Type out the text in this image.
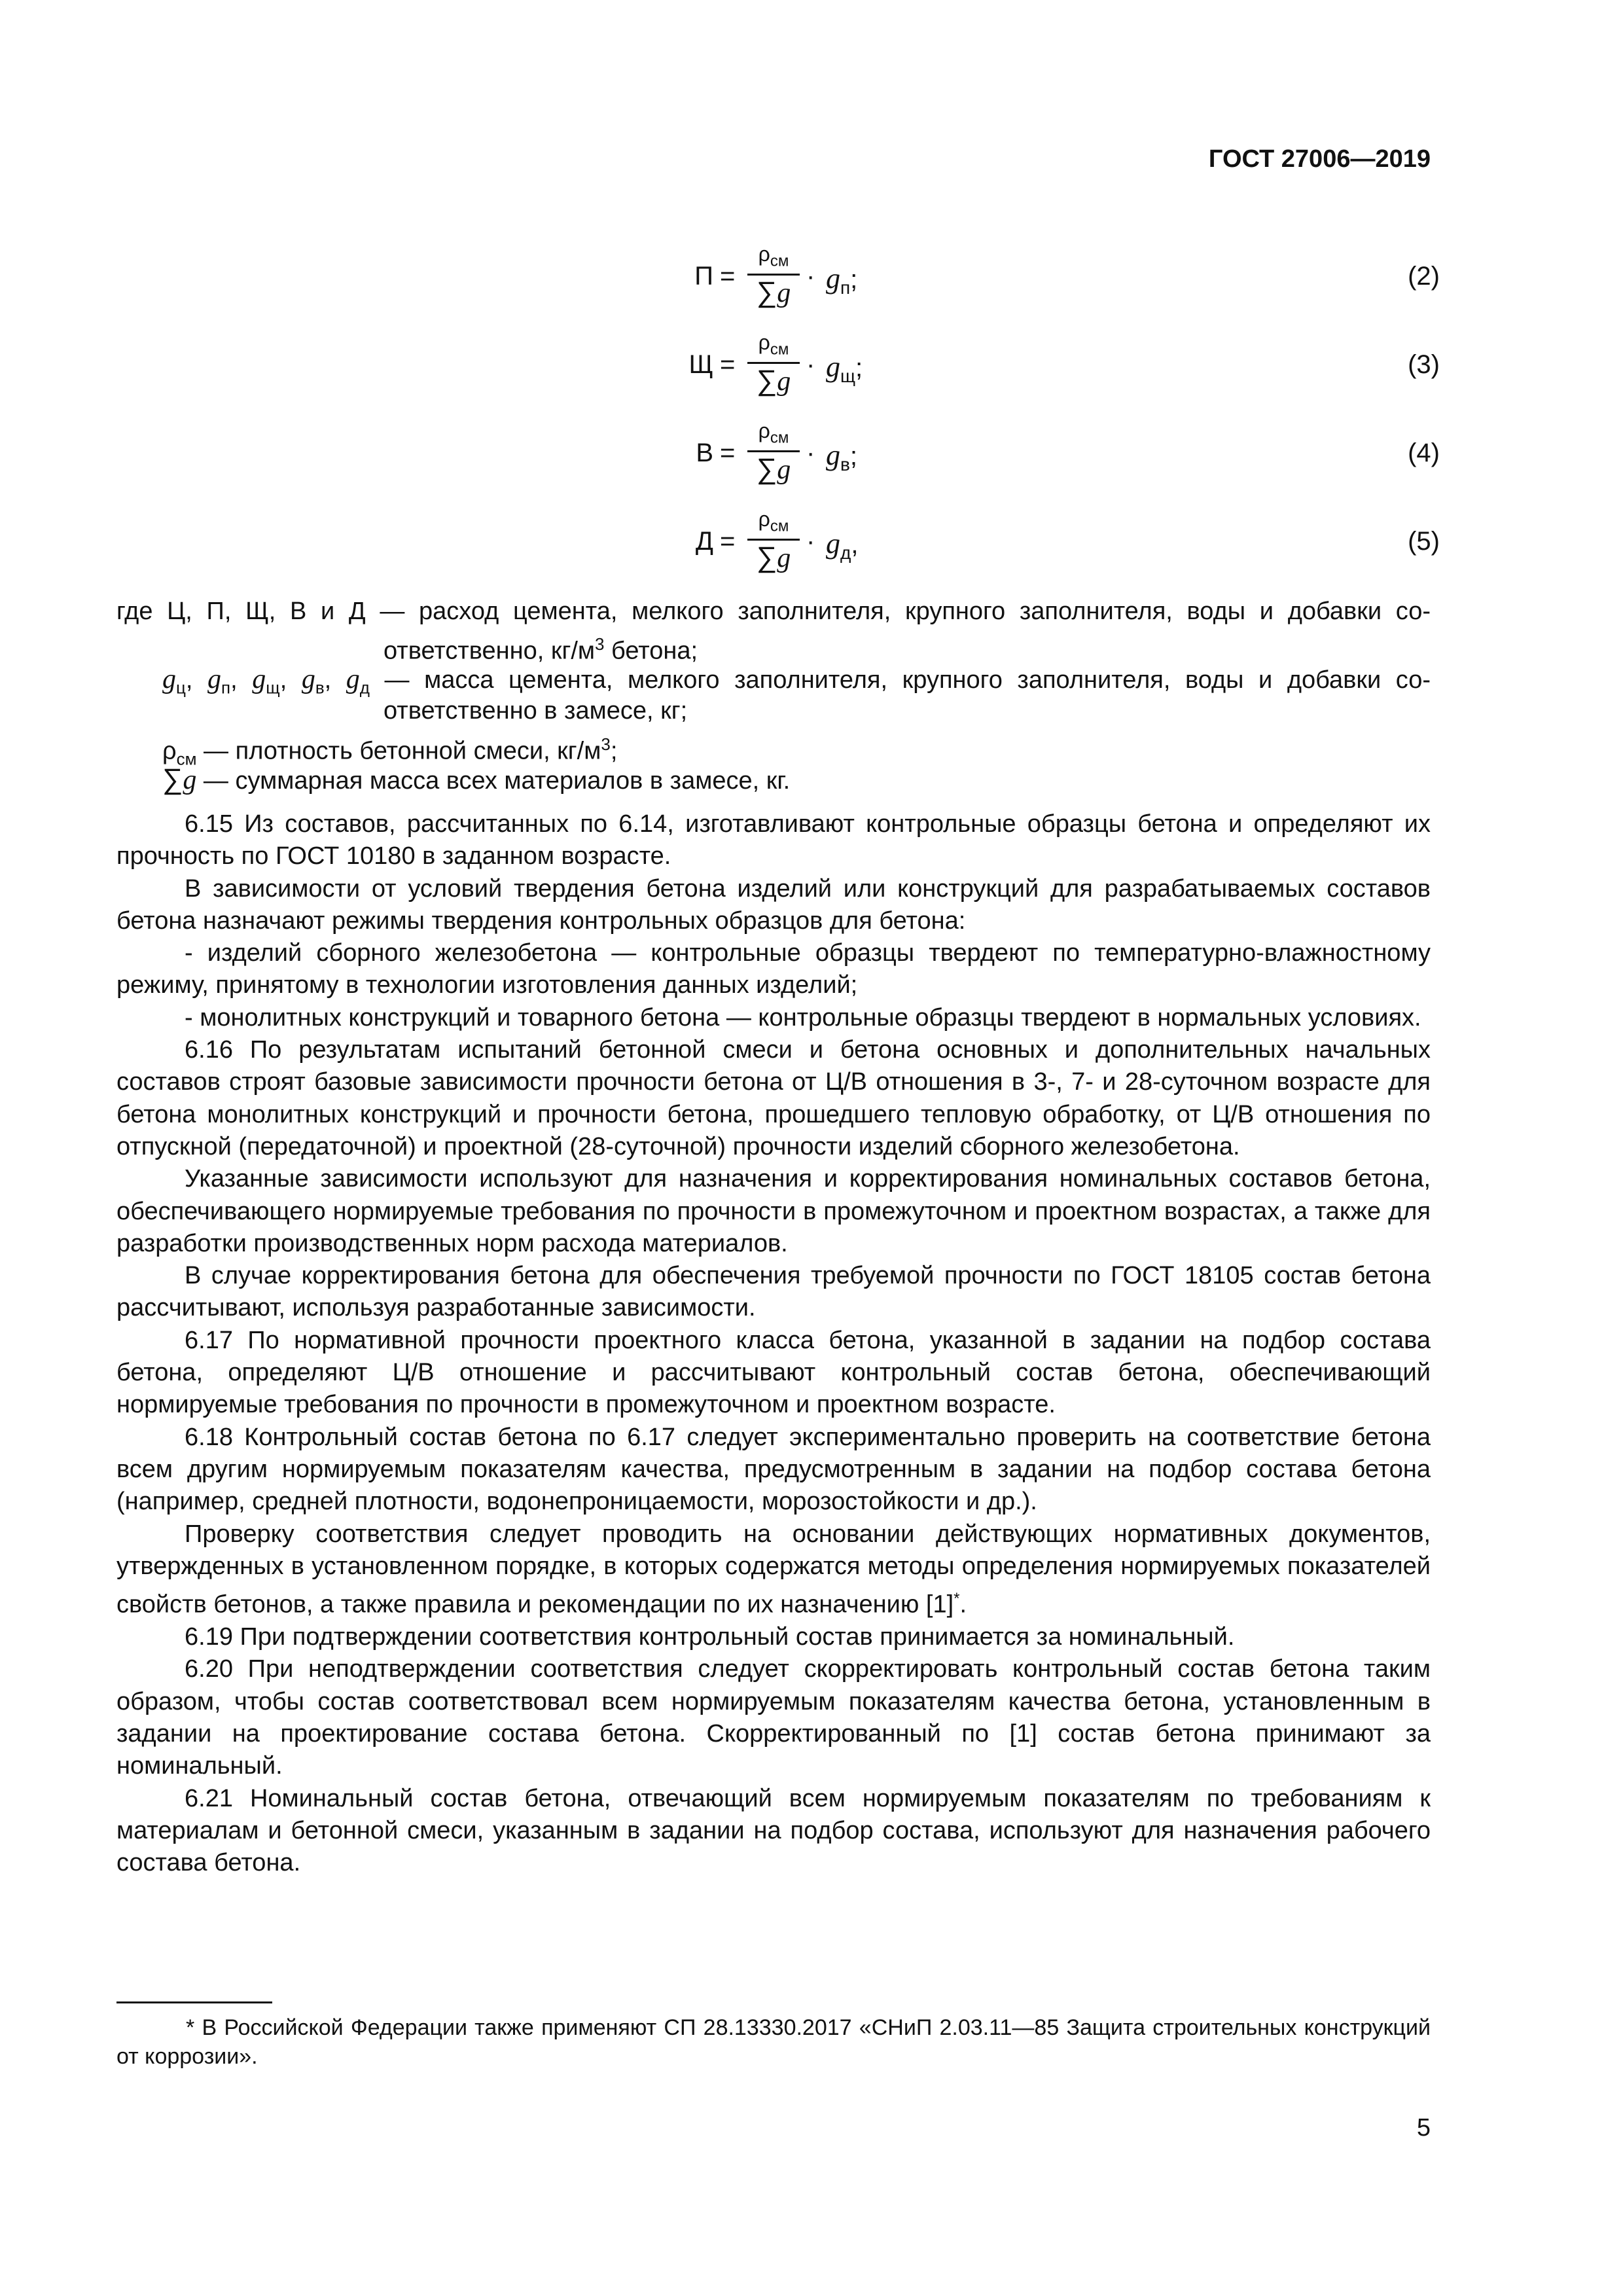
ГОСТ 27006—2019
П =
$\rho_{см}$
∑g
· $g_п$;	(2)
Щ =
$\rho_{см}$
∑g
· $g_щ$;	(3)
В =
$\rho_{см}$
∑g
· $g_в$;	(4)
Д =
$\rho_{см}$
∑g
· $g_д$,	(5)
где Ц, П, Щ, В и Д — расход цемента, мелкого заполнителя, крупного заполнителя, воды и добавки со-
ответственно, $кг/м^3$ бетона;
$g_ц$, $g_п$, $g_щ$, $g_в$, $g_д$ — масса цемента, мелкого заполнителя, крупного заполнителя, воды и добавки со-
ответственно в замесе, кг;
$\rho_{см}$ — плотность бетонной смеси, $кг/м^3$;
∑g — суммарная масса всех материалов в замесе, кг.

6.15 Из составов, рассчитанных по 6.14, изготавливают контрольные образцы бетона и определяют их прочность по ГОСТ 10180 в заданном возрасте.

В зависимости от условий твердения бетона изделий или конструкций для разрабатываемых составов бетона назначают режимы твердения контрольных образцов для бетона:

- изделий сборного железобетона — контрольные образцы твердеют по температурно-влажностному режиму, принятому в технологии изготовления данных изделий;

- монолитных конструкций и товарного бетона — контрольные образцы твердеют в нормальных условиях.

6.16 По результатам испытаний бетонной смеси и бетона основных и дополнительных начальных составов строят базовые зависимости прочности бетона от Ц/В отношения в 3-, 7- и 28-суточном возрасте для бетона монолитных конструкций и прочности бетона, прошедшего тепловую обработку, от Ц/В отношения по отпускной (передаточной) и проектной (28-суточной) прочности изделий сборного железобетона.

Указанные зависимости используют для назначения и корректирования номинальных составов бетона, обеспечивающего нормируемые требования по прочности в промежуточном и проектном возрастах, а также для разработки производственных норм расхода материалов.

В случае корректирования бетона для обеспечения требуемой прочности по ГОСТ 18105 состав бетона рассчитывают, используя разработанные зависимости.

6.17 По нормативной прочности проектного класса бетона, указанной в задании на подбор состава бетона, определяют Ц/В отношение и рассчитывают контрольный состав бетона, обеспечивающий нормируемые требования по прочности в промежуточном и проектном возрасте.

6.18 Контрольный состав бетона по 6.17 следует экспериментально проверить на соответствие бетона всем другим нормируемым показателям качества, предусмотренным в задании на подбор состава бетона (например, средней плотности, водонепроницаемости, морозостойкости и др.).

Проверку соответствия следует проводить на основании действующих нормативных документов, утвержденных в установленном порядке, в которых содержатся методы определения нормируемых показателей свойств бетонов, а также правила и рекомендации по их назначению [1]*.

6.19 При подтверждении соответствия контрольный состав принимается за номинальный.

6.20 При неподтверждении соответствия следует скорректировать контрольный состав бетона таким образом, чтобы состав соответствовал всем нормируемым показателям качества бетона, установленным в задании на проектирование состава бетона. Скорректированный по [1] состав бетона принимают за номинальный.

6.21 Номинальный состав бетона, отвечающий всем нормируемым показателям по требованиям к материалам и бетонной смеси, указанным в задании на подбор состава, используют для назначения рабочего состава бетона.

* В Российской Федерации также применяют СП 28.13330.2017 «СНиП 2.03.11—85 Защита строительных конструкций от коррозии».
5
